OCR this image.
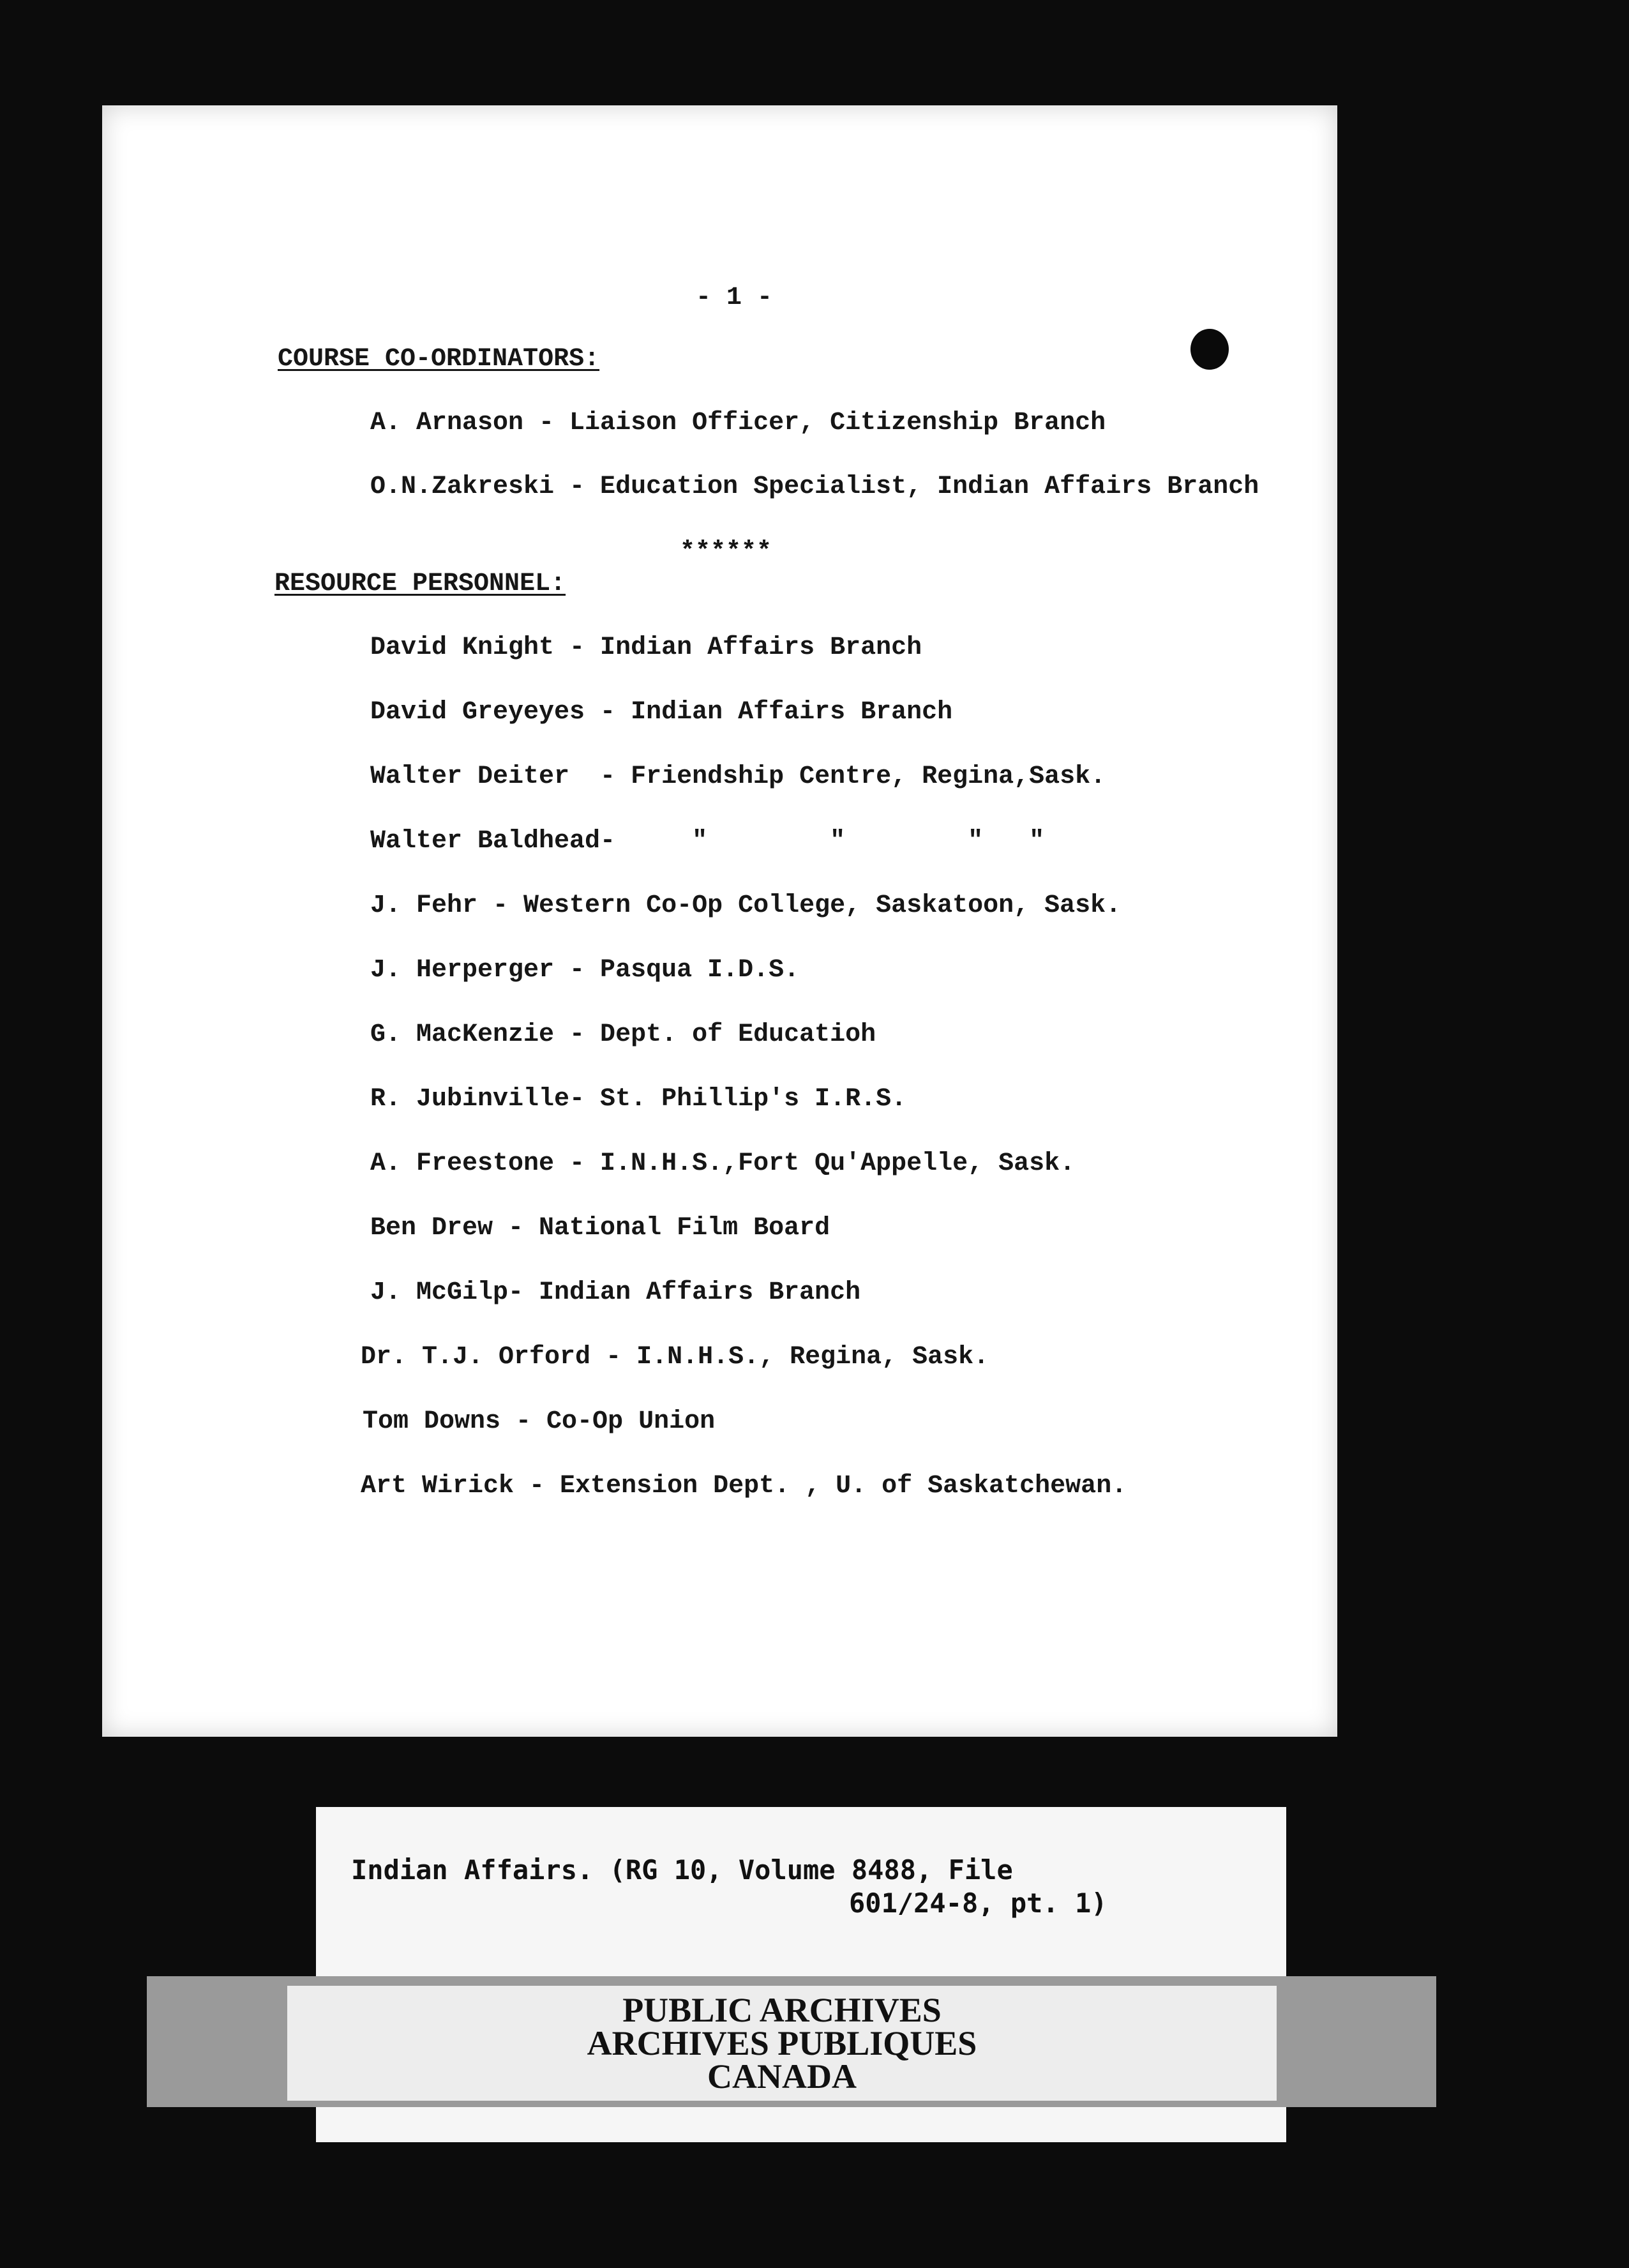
- 1 -
COURSE CO-ORDINATORS:
A. Arnason - Liaison Officer, Citizenship Branch
O.N.Zakreski - Education Specialist, Indian Affairs Branch
******
RESOURCE PERSONNEL:
David Knight - Indian Affairs Branch
David Greyeyes - Indian Affairs Branch
Walter Deiter  - Friendship Centre, Regina,Sask.
Walter Baldhead-     "        "        "   "
J. Fehr - Western Co-Op College, Saskatoon, Sask.
J. Herperger - Pasqua I.D.S.
G. MacKenzie - Dept. of Educatioh
R. Jubinville- St. Phillip's I.R.S.
A. Freestone - I.N.H.S.,Fort Qu'Appelle, Sask.
Ben Drew - National Film Board
J. McGilp- Indian Affairs Branch
Dr. T.J. Orford - I.N.H.S., Regina, Sask.
Tom Downs - Co-Op Union
Art Wirick - Extension Dept. , U. of Saskatchewan.
Indian Affairs. (RG 10, Volume 8488, File
601/24-8, pt. 1)
PUBLIC ARCHIVES
ARCHIVES PUBLIQUES
CANADA
